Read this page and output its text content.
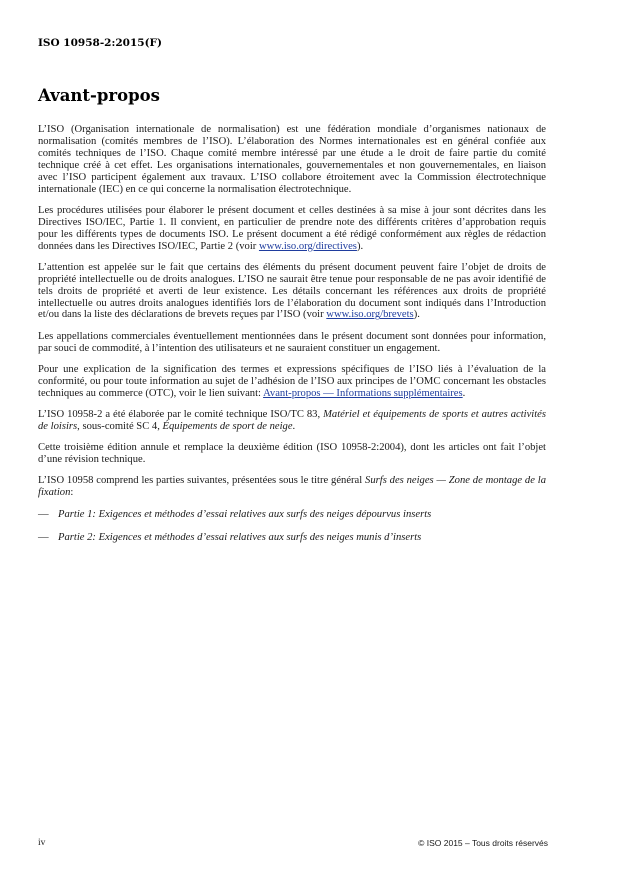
ISO 10958-2:2015(F)
Avant-propos

L’ISO (Organisation internationale de normalisation) est une fédération mondiale d’organismes nationaux de normalisation (comités membres de l’ISO). L’élaboration des Normes internationales est en général confiée aux comités techniques de l’ISO. Chaque comité membre intéressé par une étude a le droit de faire partie du comité technique créé à cet effet. Les organisations internationales, gouvernementales et non gouvernementales, en liaison avec l’ISO participent également aux travaux. L’ISO collabore étroitement avec la Commission électrotechnique internationale (IEC) en ce qui concerne la normalisation électrotechnique.

Les procédures utilisées pour élaborer le présent document et celles destinées à sa mise à jour sont décrites dans les Directives ISO/IEC, Partie 1. Il convient, en particulier de prendre note des différents critères d’approbation requis pour les différents types de documents ISO. Le présent document a été rédigé conformément aux règles de rédaction données dans les Directives ISO/IEC, Partie 2 (voir www.iso.org/directives).

L’attention est appelée sur le fait que certains des éléments du présent document peuvent faire l’objet de droits de propriété intellectuelle ou de droits analogues. L’ISO ne saurait être tenue pour responsable de ne pas avoir identifié de tels droits de propriété et averti de leur existence. Les détails concernant les références aux droits de propriété intellectuelle ou autres droits analogues identifiés lors de l’élaboration du document sont indiqués dans l’Introduction et/ou dans la liste des déclarations de brevets reçues par l’ISO (voir www.iso.org/brevets).

Les appellations commerciales éventuellement mentionnées dans le présent document sont données pour information, par souci de commodité, à l’intention des utilisateurs et ne sauraient constituer un engagement.

Pour une explication de la signification des termes et expressions spécifiques de l’ISO liés à l’évaluation de la conformité, ou pour toute information au sujet de l’adhésion de l’ISO aux principes de l’OMC concernant les obstacles techniques au commerce (OTC), voir le lien suivant: Avant-propos — Informations supplémentaires.

L’ISO 10958-2 a été élaborée par le comité technique ISO/TC 83, Matériel et équipements de sports et autres activités de loisirs, sous-comité SC 4, Équipements de sport de neige.

Cette troisième édition annule et remplace la deuxième édition (ISO 10958-2:2004), dont les articles ont fait l’objet d’une révision technique.

L’ISO 10958 comprend les parties suivantes, présentées sous le titre général Surfs des neiges — Zone de montage de la fixation:

— Partie 1: Exigences et méthodes d’essai relatives aux surfs des neiges dépourvus inserts
— Partie 2: Exigences et méthodes d’essai relatives aux surfs des neiges munis d’inserts
iv	© ISO 2015 – Tous droits réservés
